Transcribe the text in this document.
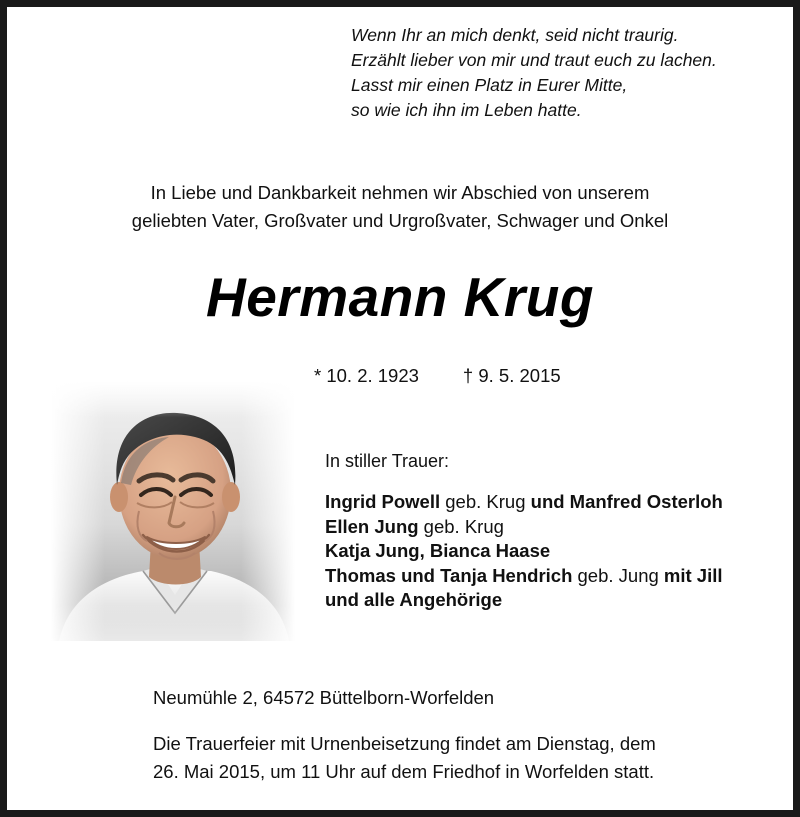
Wenn Ihr an mich denkt, seid nicht traurig.
Erzählt lieber von mir und traut euch zu lachen.
Lasst mir einen Platz in Eurer Mitte,
so wie ich ihn im Leben hatte.
In Liebe und Dankbarkeit nehmen wir Abschied von unserem
geliebten Vater, Großvater und Urgroßvater, Schwager und Onkel
Hermann Krug
* 10. 2. 1923 † 9. 5. 2015
In stiller Trauer:
Ingrid Powell geb. Krug und Manfred Osterloh
Ellen Jung geb. Krug
Katja Jung, Bianca Haase
Thomas und Tanja Hendrich geb. Jung mit Jill
und alle Angehörige
Neumühle 2, 64572 Büttelborn-Worfelden
Die Trauerfeier mit Urnenbeisetzung findet am Dienstag, dem
26. Mai 2015, um 11 Uhr auf dem Friedhof in Worfelden statt.
